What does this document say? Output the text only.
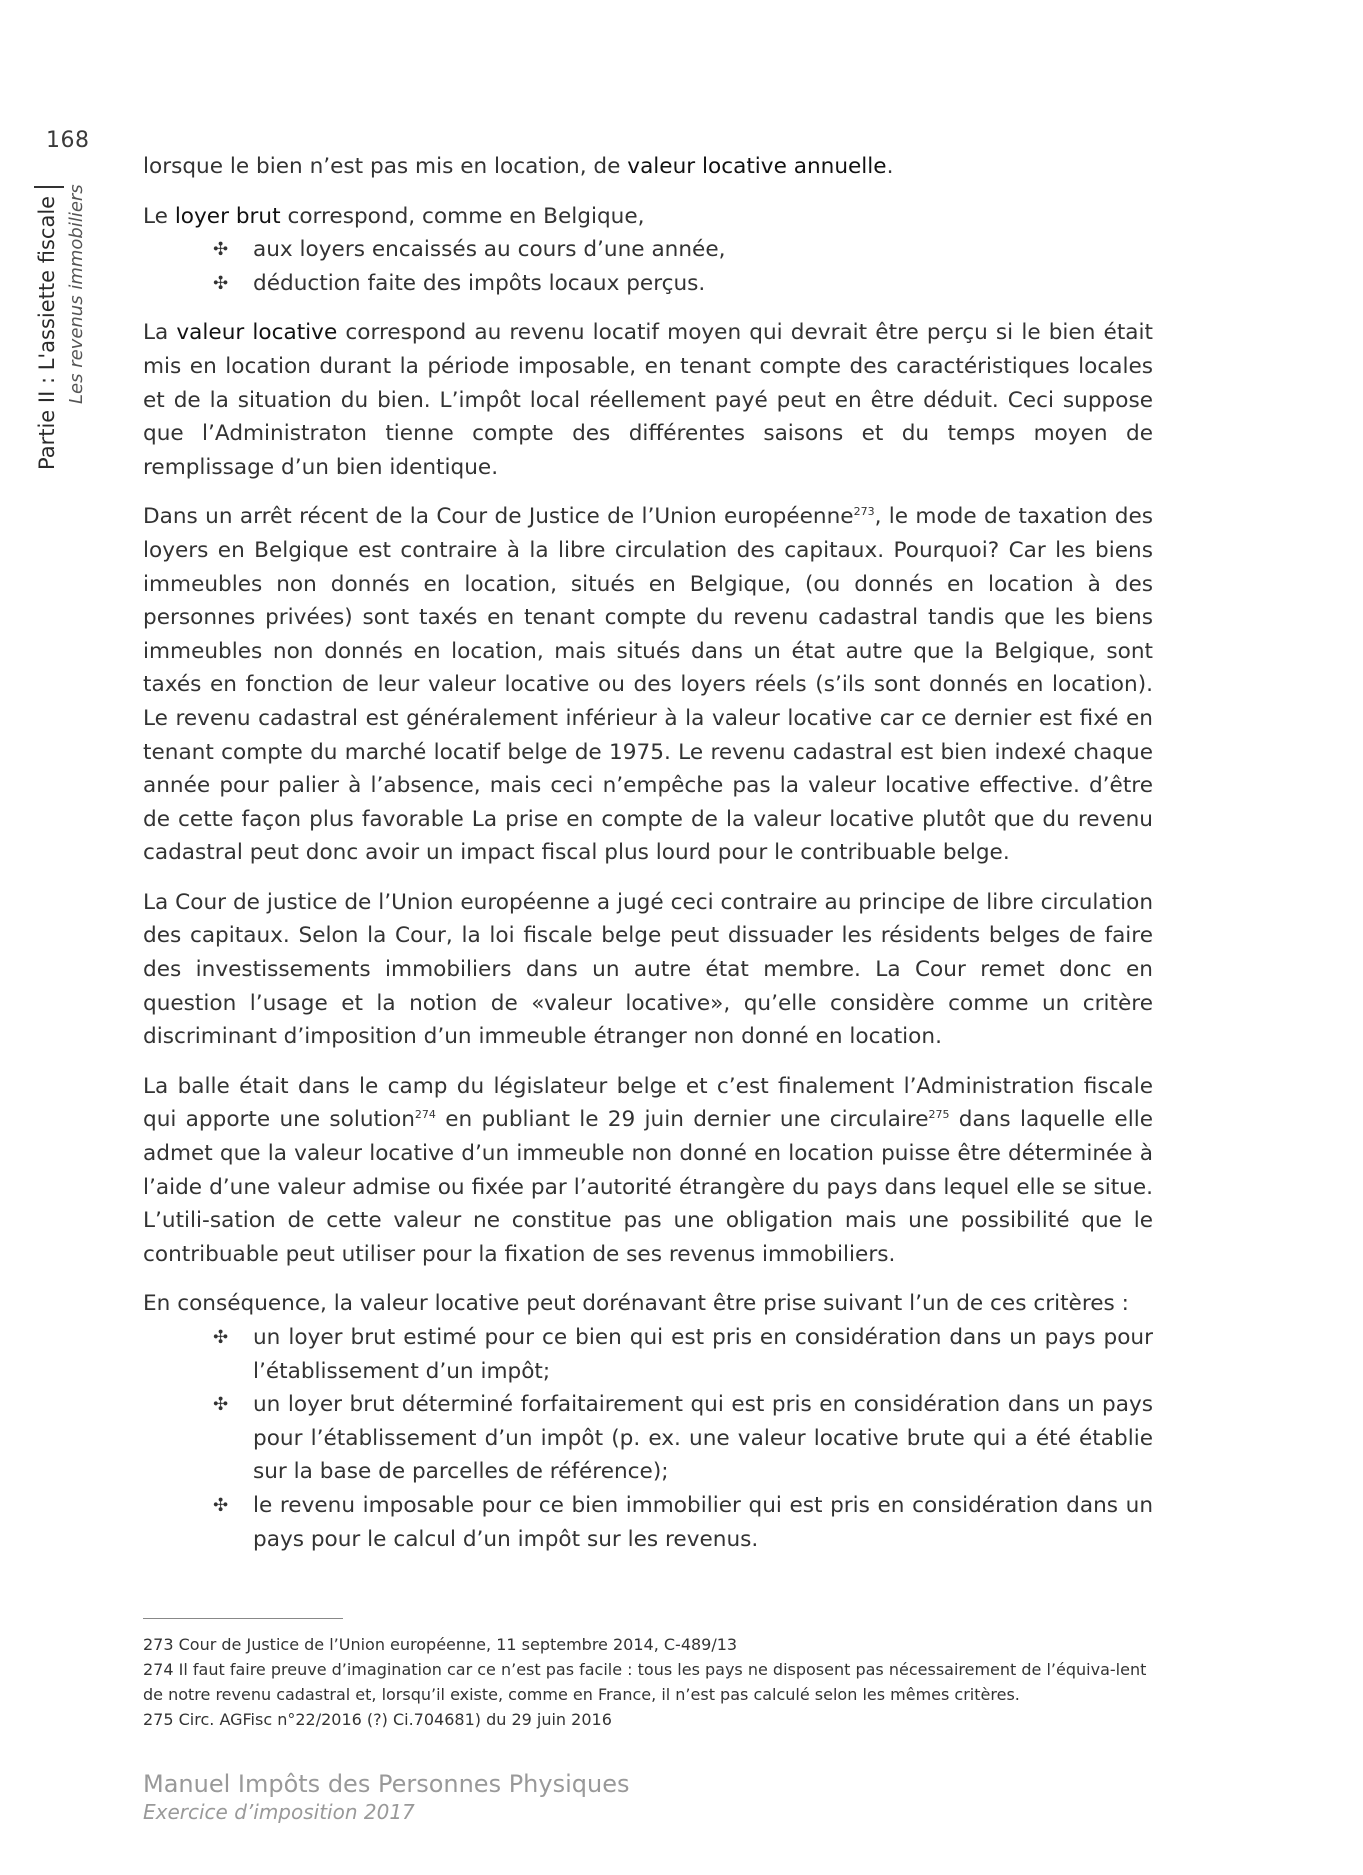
168
Partie II : L'assiette fiscale Les revenus immobiliers

lorsque le bien n’est pas mis en location, de valeur locative annuelle.

Le loyer brut correspond, comme en Belgique,

✣ aux loyers encaissés au cours d’une année,
✣ déduction faite des impôts locaux perçus.

La valeur locative correspond au revenu locatif moyen qui devrait être perçu si le bien était mis en location durant la période imposable, en tenant compte des caractéristiques locales et de la situation du bien. L’impôt local réellement payé peut en être déduit. Ceci suppose que l’Administraton tienne compte des différentes saisons et du temps moyen de remplissage d’un bien identique.

Dans un arrêt récent de la Cour de Justice de l’Union européenne$^{273}$, le mode de taxation des loyers en Belgique est contraire à la libre circulation des capitaux. Pourquoi? Car les biens immeubles non donnés en location, situés en Belgique, (ou donnés en location à des personnes privées) sont taxés en tenant compte du revenu cadastral tandis que les biens immeubles non donnés en location, mais situés dans un état autre que la Belgique, sont taxés en fonction de leur valeur locative ou des loyers réels (s’ils sont donnés en location). Le revenu cadastral est généralement inférieur à la valeur locative car ce dernier est fixé en tenant compte du marché locatif belge de 1975. Le revenu cadastral est bien indexé chaque année pour palier à l’absence, mais ceci n’empêche pas la valeur locative effective. d’être de cette façon plus favorable La prise en compte de la valeur locative plutôt que du revenu cadastral peut donc avoir un impact fiscal plus lourd pour le contribuable belge.

La Cour de justice de l’Union européenne a jugé ceci contraire au principe de libre circulation des capitaux. Selon la Cour, la loi fiscale belge peut dissuader les résidents belges de faire des investissements immobiliers dans un autre état membre. La Cour remet donc en question l’usage et la notion de «valeur locative», qu’elle considère comme un critère discriminant d’imposition d’un immeuble étranger non donné en location.

La balle était dans le camp du législateur belge et c’est finalement l’Administration fiscale qui apporte une solution$^{274}$ en publiant le 29 juin dernier une circulaire$^{275}$ dans laquelle elle admet que la valeur locative d’un immeuble non donné en location puisse être déterminée à l’aide d’une valeur admise ou fixée par l’autorité étrangère du pays dans lequel elle se situe. L’utili-sation de cette valeur ne constitue pas une obligation mais une possibilité que le contribuable peut utiliser pour la fixation de ses revenus immobiliers.

En conséquence, la valeur locative peut dorénavant être prise suivant l’un de ces critères :

✣ un loyer brut estimé pour ce bien qui est pris en considération dans un pays pour l’établissement d’un impôt;
✣ un loyer brut déterminé forfaitairement qui est pris en considération dans un pays pour l’établissement d’un impôt (p. ex. une valeur locative brute qui a été établie sur la base de parcelles de référence);
✣ le revenu imposable pour ce bien immobilier qui est pris en considération dans un pays pour le calcul d’un impôt sur les revenus.
273 Cour de Justice de l’Union européenne, 11 septembre 2014, C-489/13
274 Il faut faire preuve d’imagination car ce n’est pas facile : tous les pays ne disposent pas nécessairement de l’équiva-lent de notre revenu cadastral et, lorsqu’il existe, comme en France, il n’est pas calculé selon les mêmes critères.
275 Circ. AGFisc n°22/2016 (?) Ci.704681) du 29 juin 2016
Manuel Impôts des Personnes Physiques
Exercice d’imposition 2017
